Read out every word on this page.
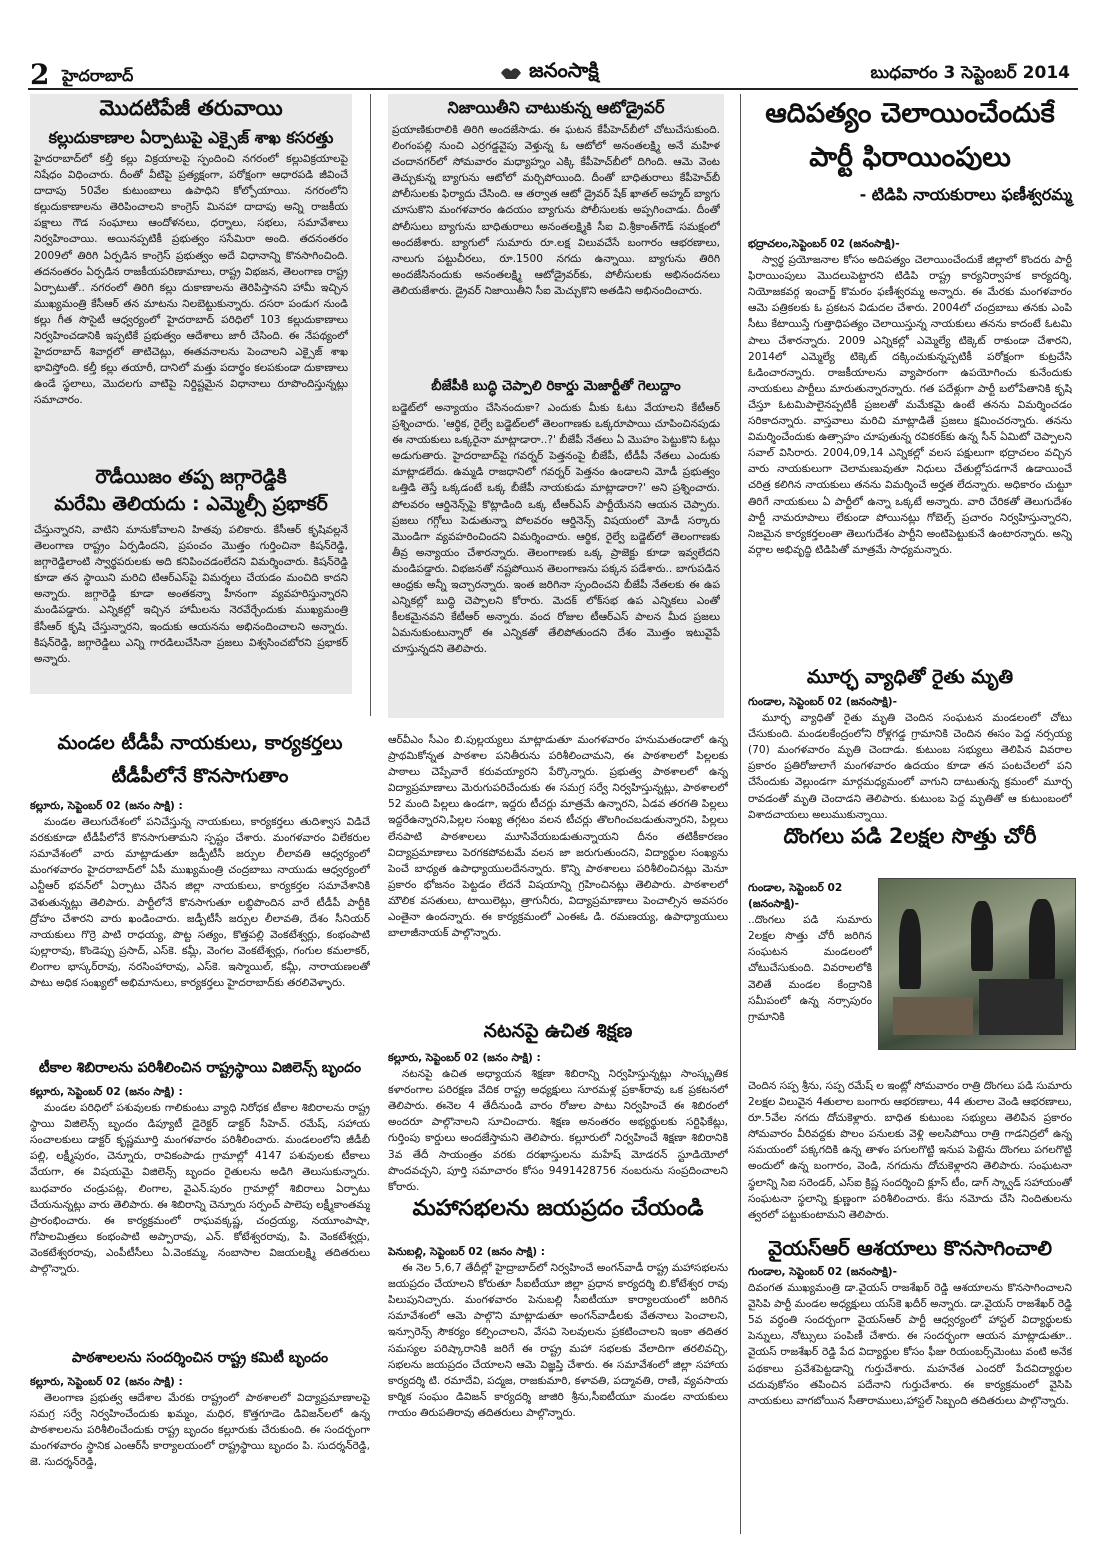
2 హైదరాబాద్	జనంసాక్షి	బుధవారం 3 సెప్టెంబర్ 2014

మొదటిపేజీ తరువాయి

కల్లుదుకాణాల ఏర్పాటుపై ఎక్సైజ్‌ శాఖ కసరత్తు

హైదరాబాద్‌లో కల్తీ కల్లు విక్రయాలపై స్పందించి నగరంలో కల్లువిక్రయాలపై నిషేధం విధించారు. దీంతో వీటిపై ప్రత్యక్షంగా, పరోక్షంగా ఆధారపడి జీవించే దాదాపు 50వేల కుటుంబాలు ఉపాధిని కోల్పోయాయి. నగరంలోని కల్లుదుకాణాలను తెరిపించాలని కాంగ్రెస్‌ మినహా దాదాపు అన్ని రాజకీయ పక్షాలు గౌడ సంఘాలు ఆందోళనలు, ధర్నాలు, సభలు, సమావేశాలు నిర్వహించాయి. అయినప్పటికీ ప్రభుత్వం ససేమిరా అంది. తదనంతరం 2009లో తిరిగి ఏర్పడిన కాంగ్రెస్‌ ప్రభుత్వం అదే విధానాన్ని కొనసాగించింది. తదనంతరం ఏర్పడిన రాజకీయపరిణామాలు, రాష్ట్ర విభజన, తెలంగాణ రాష్ట్ర ఏర్పాటుతో.. నగరంలో తిరిగి కల్లు దుకాణాలను తెరిపిస్తానని హామీ ఇచ్చిన ముఖ్యమంత్రి కేసీఆర్‌ తన మాటను నిలబెట్టుకున్నారు. దసరా పండుగ నుండి కల్లు గీత సొసైటీ ఆధ్వర్యంలో హైదరాబాద్‌ పరిధిలో 103 కల్లుదుకాణాలు నిర్వహించడానికి ఇప్పటికే ప్రభుత్వం ఆదేశాలు జారీ చేసింది. ఈ నేపథ్యంలో హైదరాబాద్‌ శివార్లలో తాటిచెట్లు, ఈతవనాలను పెంచాలని ఎక్సైజ్‌ శాఖ భావిస్తోంది. కల్తీ కల్లు తయారీ, దానిలో మత్తు పదార్థం కలపకుండా దుకాణాలు ఉండే స్థలాలు, మొదలగు వాటిపై నిర్దిష్టమైన విధానాలు రూపొందిస్తున్నట్లు సమాచారం.

రౌడీయిజం తప్ప జగ్గారెడ్డికి

మరేమి తెలియదు : ఎమ్మెల్సీ ప్రభాకర్‌

చేస్తున్నారని, వాటిని మానుకోవాలని హితవు పలికారు. కేసీఆర్‌ కృషివల్లనే తెలంగాణ రాష్ట్రం ఏర్పడిందని, ప్రపంచం మొత్తం గుర్తించినా కిషన్‌రెడ్డి, జగ్గారెడ్డిలాంటి స్వార్థపరులకు అది కనిపించడంలేదని విమర్శించారు. కిషన్‌రెడ్డి కూడా తన స్థాయిని మరిచి టిఆర్‌ఎస్‌పై విమర్శలు చేయడం మంచిది కాదని అన్నారు. జగ్గారెడ్డి కూడా అంతకన్నా హీనంగా వ్యవహరిస్తున్నారని మండిపడ్డారు. ఎన్నికల్లో ఇచ్చిన హామీలను నెరవేర్చేందుకు ముఖ్యమంత్రి కేసీఆర్‌ కృషి చేస్తున్నారని, ఇందుకు ఆయనను అభినందించాలని అన్నారు. కిషన్‌రెడ్డి, జగ్గారెడ్డిలు ఎన్ని గారడిలుచేసినా ప్రజలు విశ్వసించబోరని ప్రభాకర్‌ అన్నారు.

నిజాయితీని చాటుకున్న ఆటోడ్రైవర్‌

ప్రయాణికురాలికి తిరిగి అందజేసాడు. ఈ ఘటన కేపీహెచ్‌బీలో చోటుచేసుకుంది. లింగంపల్లి నుంచి ఎర్రగడ్డవైపు వెళ్తున్న ఓ ఆటోలో అనంతలక్ష్మి అనే మహిళ చందానగర్‌లో సోమవారం మధ్యాహ్నం ఎక్కి కేపీహెచ్‌బీలో దిగింది. ఆమె వెంట తెచ్చుకున్న బ్యాగును ఆటోలో మర్చిపోయింది. దీంతో బాధితురాలు కేపీహెచ్‌బీ పోలీసులకు ఫిర్యాదు చేసింది. ఆ తర్వాత ఆటో డ్రైవర్‌ షేక్‌ ఖాతల్‌ అహ్మద్‌ బ్యాగు చూసుకొని మంగళవారం ఉదయం బ్యాగును పోలీసులకు అప్పగించాడు. దీంతో పోలీసులు బ్యాగును బాధితురాలు అనంతలక్ష్మికి సీఐ వి.శ్రీకాంత్‌గౌడ్‌ సమక్షంలో అందజేశారు. బ్యాగులో సుమారు రూ.లక్ష విలువచేసే బంగారం ఆభరణాలు, నాలుగు పట్టుచీరలు, రూ.1500 నగదు ఉన్నాయి. బ్యాగును తిరిగి అందజేసినందుకు అనంతలక్ష్మి ఆటోడ్రైవర్‌కు, పోలీసులకు అభినందనలు తెలియజేశారు. డ్రైవర్‌ నిజాయితీని సీఐ మెచ్చుకొని అతడిని అభినందించారు.

బీజేపీకి బుద్ధి చెప్పాలి రికార్డు మెజార్టీతో గెలుద్దాం

బడ్జెట్‌లో అన్యాయం చేసినందుకా? ఎందుకు మీకు ఓటు వేయాలని కేటీఆర్‌ ప్రశ్నించారు. 'ఆర్థిక, రైల్వే బడ్జెట్‌లలో తెలంగాణకు ఒక్కరూపాయి చూపించినపుడు ఈ నాయకులు ఒక్కరైనా మాట్లాడారా..?' బీజేపీ నేతలు ఏ మొహం పెట్టుకొని ఓట్లు అడుగుతారు. హైదరాబాద్‌పై గవర్నర్‌ పెత్తనంపై బీజేపీ, టీడీపీ నేతలు ఎందుకు మాట్లాడలేదు. ఉమ్మడి రాజధానిలో గవర్నర్‌ పెత్తనం ఉండాలని మోడీ ప్రభుత్వం ఒత్తిడి తెస్తే ఒక్కడంటే ఒక్క బీజేపీ నాయకుడు మాట్లాడారా?' అని ప్రశ్నించారు. పోలవరం ఆర్డినెన్స్‌పై కొట్లాడింది ఒక్క టీఆర్‌ఎస్‌ పార్టీయేనని ఆయన చెప్పారు. ప్రజలు గగ్గోలు పెడుతున్నా పోలవరం ఆర్డినెన్స్‌ విషయంలో మోడీ సర్కారు మొండిగా వ్యవహరించిందని విమర్శించారు. ఆర్థిక, రైల్వే బడ్జెట్‌లో తెలంగాణకు తీవ్ర అన్యాయం చేశారన్నారు. తెలంగాణకు ఒక్క ప్రాజెక్టు కూడా ఇవ్వలేదని మండిపడ్డారు. విభజనతో నష్టపోయిన తెలంగాణను పక్కన పడేశారు.. బాగుపడిన ఆంధ్రకు అన్నీ ఇచ్చారన్నారు. ఇంత జరిగినా స్పందించని బీజేపీ నేతలకు ఈ ఉప ఎన్నికల్లో బుద్ధి చెప్పాలని కోరారు. మెదక్‌ లోక్‌సభ ఉప ఎన్నికలు ఎంతో కీలకమైనవని కేటీఆర్‌ అన్నారు. వంద రోజుల టీఆర్‌ఎస్‌ పాలన మీద ప్రజలు ఏమనుకుంటున్నారో ఈ ఎన్నికతో తేలిపోతుందని దేశం మొత్తం ఇటువైపే చూస్తున్నదని తెలిపారు.

ఆదిపత్యం చెలాయించేందుకే

పార్టీ ఫిరాయింపులు

- టిడిపి నాయకురాలు ఫణీశ్వరమ్మ

భద్రాచలం,సెప్టెంబర్‌ 02 (జనంసాక్షి)-

స్వార్థ ప్రయోజనాల కోసం అదిపత్యం చెలాయించేందుకే జిల్లాలో కొందరు పార్టీ ఫిరాయింపులు మొదలుపెట్టారని టిడిపి రాష్ట్ర కార్యనిర్వాహక కార్యదర్శి, నియోజకవర్గ ఇంచార్జ్‌ కొమరం ఫణీశ్వరమ్మ అన్నారు. ఈ మేరకు మంగళవారం ఆమె పత్రికలకు ఓ ప్రకటన విడుదల చేశారు. 2004లో చంద్రబాబు తనకు ఎంపి సీటు కేటాయిస్తే గుత్తాధిపత్యం చెలాయిస్తున్న నాయకులు తనను కాదంటే ఓటమి పాలు చేశారన్నారు. 2009 ఎన్నికల్లో ఎమ్మెల్యే టిక్కెట్‌ రాకుండా చేశారని, 2014లో ఎమ్మెల్యే టిక్కెట్‌ దక్కించుకున్నప్పటికీ పరోక్షంగా కుట్రచేసి ఓడించారన్నారు. రాజకీయాలను వ్యాపారంగా ఉపయోగించు కునేందుకు నాయకులు పార్టీలు మారుతున్నారన్నారు. గత పదేళ్లుగా పార్టీ బలోపేతానికి కృషి చేస్తూ ఓటమిపాలైనప్పటికీ ప్రజలతో మమేకమై ఉంటే తనను విమర్శించడం సరికాదన్నారు. వాస్తవాలు మరిచి మాట్లాడితే ప్రజలు క్షమించరన్నారు. తనను విమర్శించేందుకు ఉత్సాహం చూపుతున్న రవికరక్‌కు ఉన్న సీన్‌ ఏమిటో చెప్పాలని సవాల్‌ విసిరారు. 2004,09,14 ఎన్నికల్లో వలస పక్షులుగా భద్రాచలం వచ్చిన వారు నాయకులుగా చెలామణువుతూ నిధులు చేతుల్లోపడగానే ఉడాయించే చరిత్ర కలిగిన నాయకులు తనను విమర్శించే అర్హత లేదన్నారు. అధికారం చుట్టూ తిరిగే నాయకులు ఏ పార్టీలో ఉన్నా ఒక్కటే అన్నారు. వారి చేరికతో తెలుగుదేశం పార్టీ నామరూపాలు లేకుండా పోయినట్లు గోబెల్స్‌ ప్రచారం నిర్వహిస్తున్నారని, నిజమైన కార్యకర్తలంతా తెలుగుదేశం పార్టీని అంటిపెట్టుకునే ఉంటారన్నారు. అన్ని వర్గాల అభివృద్ధి టిడిపితో మాత్రమే సాధ్యమన్నారు.

మూర్ఛ వ్యాధితో రైతు మృతి

గుండాల, సెప్టెంబర్‌ 02 (జనంసాక్షి)-

మూర్ఛ వ్యాధితో రైతు మృతి చెందిన సంఘటన మండలంలో చోటు చేసుకుంది. మండలకేంద్రంలోని రోళ్లగడ్డ గ్రామానికి చెందిన ఈసం పెద్ద నర్సయ్య (70) మంగళవారం మృతి చెందాడు. కుటుంబ సభ్యులు తెలిపిన వివరాల ప్రకారం ప్రతిరోజులాగే మంగళవారం ఉదయం కూడా తన పంటచేలలో పని చేసేందుకు వెల్లుండగా మార్గమధ్యమంలో వాగుని దాటుతున్న క్రమంలో మూర్ఛ రావడంతో మృతి చెందాడని తెలిపారు. కుటుంబ పెద్ద మృతితో ఆ కుటుంబంలో విశాదచాయలు అలుముకున్నాయి.

దొంగలు పడి 2లక్షల సొత్తు చోరీ

గుండాల, సెప్టెంబర్‌ 02

(జనంసాక్షి)-

..దొంగలు పడి సుమారు 2లక్షల సొత్తు చోరీ జరిగిన సంఘటన మండలంలో చోటుచేసుకుంది. వివరాలలోకి వెలితే మండల కేంద్రానికి సమీపంలో ఉన్న నర్సాపురం గ్రామానికి

చెందిన సప్ప శ్రీను, సప్ప రమేష్‌ ల ఇంట్లో సోమవారం రాత్రి దొంగలు పడి సుమారు 2లక్షల విలువైన 4తులాల బంగారు ఆభరణాలు, 44 తులాల వెండి ఆభరణాలు, రూ.5వేల నగదు దోచుకెళ్లారు. బాధిత కుటుంబ సభ్యులు తెలిపిన ప్రకారం సోమవారం వీరివద్దకు పొలం పనులకు వెళ్లి అలసిపోయి రాత్రి గాడనిద్రలో ఉన్న సమయంలో పక్కగదికి ఉన్న తాళం పగులగొట్టి ఇనుప పెట్టెను దొంగలు పగలగొట్టి అందులో ఉన్న బంగారం, వెండి, నగదును దోచుకెళ్లారని తెలిపారు. సంఘటనా స్థలాన్ని సిఐ సరెండర్‌, ఎస్‌ఐ క్రిష్ణ సందర్శించి క్లూస్‌ టీం, డాగ్‌ స్క్వాడ్‌ సహాయంతో సంఘటనా స్థలాన్ని క్షుణ్ణంగా పరిశీలించారు. కేసు నమోదు చేసి నిందితులను త్వరలో పట్టుకుంటామని తెలిపారు.

వైయస్‌ఆర్‌ ఆశయాలు కొనసాగించాలి

గుండాల, సెప్టెంబర్‌ 02 (జనంసాక్షి)-

దివంగత ముఖ్యమంత్రి డా.వైయస్‌ రాజశేఖర్‌ రెడ్డి ఆశయాలను కొనసాగించాలని వైసిపి పార్టీ మండల అధ్యక్షులు యస్‌కె ఖదీర్‌ అన్నారు. డా.వైయస్‌ రాజశేఖర్‌ రెడ్డి 5వ వర్ధంతి సందర్బంగా వైయస్‌ఆర్‌ పార్టీ ఆధ్వర్యంలో హాస్టల్‌ విద్యార్థులకు పెన్నులు, నోట్సులు పంపిణీ చేశారు. ఈ సందర్భంగా ఆయన మాట్లాడుతూ.. వైయస్‌ రాజశేఖర్‌ రెడ్డి పేద విద్యార్థుల కోసం ఫీజు రియంబర్స్‌మెంటు వంటి అనేక పథకాలు ప్రవేశపెట్టడాన్ని గుర్తుచేశారు. మహనేత ఎందరో పేదవిద్యార్థుల చదువుకోసం తపించిన పదేనాని గుర్తుచేశారు. ఈ కార్యక్రమంలో వైసిపి నాయకులు వాగబోయిన సీతారాములు,హాస్టల్‌ సిబ్బంది తదితరులు పాల్గొన్నారు.

మండల టీడీపీ నాయకులు, కార్యకర్తలు

టీడీపీలోనే కొనసాగుతాం

కల్లూరు, సెప్టెంబర్‌ 02 (జనం సాక్షి) :

మండల తెలుగుదేశంలో పనిచేస్తున్న నాయకులు, కార్యకర్తలు తుదిశ్వాస విడిచే వరకుకూడా టీడీపీలోనే కొనసాగుతామని స్పష్టం చేశారు. మంగళవారం విలేకరుల సమావేశంలో వారు మాట్లాడుతూ జడ్పీటీసీ జర్పుల లీలావతి ఆధ్వర్యంలో మంగళవారం హైదరాబాద్‌లో ఏపీ ముఖ్యమంత్రి చంద్రబాబు నాయుడు ఆధ్వర్యంలో ఎన్టీఆర్‌ భవన్‌లో ఏర్పాటు చేసిన జిల్లా నాయకులు, కార్యకర్తల సమావేశానికి వెళుతున్నట్లు తెలిపారు. పార్టీలోనే కొనసాగుతూ లబ్ధిపొందిన వారే టీడీపీ పార్టీకి ద్రోహం చేశారని వారు ఖండించారు. జడ్పీటీసీ జర్పుల లీలావతి, దేశం సీనియర్‌ నాయకులు గొర్రె పాటి రాధయ్య, పొట్ట సత్యం, కొత్తపల్లి వెంకటేశ్వర్లు, కంభంపాటి పుల్లారావు, కొండెప్పు ప్రసాద్‌, ఎస్‌కె. కమ్లీ, వెంగల వెంకటేశ్వర్లు, గంగుల కమలాకర్‌, లింగాల భాస్కర్‌రావు, నరసింహారావు, ఎస్‌కె. ఇస్మాయిల్‌, కమ్లీ, నారాయణలతో పాటు అధిక సంఖ్యలో అభిమానులు, కార్యకర్తలు హైదరాబాద్‌కు తరలివెళ్ళారు.

టీకాల శిబిరాలను పరిశీలించిన రాష్ట్రస్థాయి విజిలెన్స్‌ బృందం

కల్లూరు, సెప్టెంబర్‌ 02 (జనం సాక్షి) :

మండల పరిధిలో పశువులకు గాలికుంటు వ్యాధి నిరోధక టీకాల శిబిరాలను రాష్ట్ర స్థాయి విజిలెన్స్‌ బృందం డిప్యూటీ డైరెక్టర్‌ డాక్టర్‌ సీహెచ్‌. రమేష్‌, సహాయ సంచాలకులు డాక్టర్‌ కృష్ణమూర్తి మంగళవారం పరిశీలించారు. మండలంలోని జీడీబీ పల్లి, లక్ష్మీపురం, చెన్నూరు, రావికంపాడు గ్రామాల్లో 4147 పశువులకు టీకాలు వేయగా, ఈ విషయమై విజిలెన్స్‌ బృందం రైతులను అడిగి తెలుసుకున్నారు. బుధవారం చండ్రుపట్ల, లింగాల, వైఎన్‌.పురం గ్రామాల్లో శిబిరాలు ఏర్పాటు చేయనున్నట్లు వారు తెలిపారు. ఈ శిబిరాన్ని చెన్నూరు సర్పంచ్‌ పాలెపు లక్ష్మీకాంతమ్మ ప్రారంభించారు. ఈ కార్యక్రమంలో రాఘవక్కష్ణ, చంద్రయ్య, నయూంపాషా, గోపాలమిత్రలు కంభంపాటి అప్పారావు, ఎన్‌. కోటేశ్వరరావు, పి. వెంకటేశ్వర్లు, వెంకటేశ్వరరావు, ఎంపీటీసీలు ఏ.వెంకమ్మ, నంబాసాల విజయలక్ష్మి తదితరులు పాల్గొన్నారు.

పాఠశాలలను సందర్శించిన రాష్ట్ర కమిటీ బృందం

కల్లూరు, సెప్టెంబర్‌ 02 (జనం సాక్షి) :

తెలంగాణ ప్రభుత్వ ఆదేశాల మేరకు రాష్ట్రంలో పాఠశాలలో విద్యాప్రమాణాలపై సమగ్ర సర్వే నిర్వహించేందుకు ఖమ్మం, మధిర, కొత్తగూడెం డివిజన్‌లలో ఉన్న పాఠశాలలను పరిశీలించేందుకు రాష్ట్ర బృందం కల్లూరుకు చేరుకుంది. ఈ సందర్భంగా మంగళవారం స్థానిక ఎంఆర్‌సీ కార్యాలయంలో రాష్ట్రస్థాయి బృందం పి. సుదర్శన్‌రెడ్డి, జె. సుదర్శన్‌రెడ్డి,

ఆర్‌వీఎం సీఎం బి.పుల్లయ్యలు మాట్లాడుతూ మంగళవారం హనుమతండాలో ఉన్న ప్రాథమికోన్నత పాఠశాల పనితీరును పరిశీలించామని, ఈ పాఠశాలలో పిల్లలకు పాఠాలు చెప్పేవారే కరువయ్యారని పేర్కొన్నారు. ప్రభుత్వ పాఠశాలలో ఉన్న విద్యాప్రమాణాలు మెరుగుపరిచేందుకు ఈ సమగ్ర సర్వే నిర్వహిస్తున్నట్లు, పాఠశాలలో 52 మంది పిల్లలు ఉండగా, ఇద్దరు టీచర్లు మాత్రమే ఉన్నారని, ఏడవ తరగతి పిల్లలు ఇద్దరేఉన్నారని,పిల్లల సంఖ్య తగ్గటం వలన టీచర్లు తొలగించబడుతున్నారని, పిల్లలు లేనపాటి పాఠశాలలు మూసివేయబడుతున్నాయని దీనం తటికీకారణం విద్యాప్రమాణాలు పెరగకపోవటమే వలన జా జరుగుతుందని, విద్యార్థుల సంఖ్యను పెంచే బాధ్యత ఉపాధ్యాయులదేనన్నారు. కొన్ని పాఠశాలలు పరిశీలించినట్లు మెనూ ప్రకారం భోజనం పెట్టడం లేదనే విషయాన్ని గ్రహించినట్లు తెలిపారు. పాఠశాలలో మౌలిక వసతులు, టాయిలెట్లు, త్రాగునీరు, విద్యాప్రమాణాలు పెంచాల్సిన అవసరం ఎంతైనా ఉందన్నారు. ఈ కార్యక్రమంలో ఎంఈఓ డి. రమణయ్య, ఉపాధ్యాయులు బాలాజీనాయక్‌ పాల్గొన్నారు.

నటనపై ఉచిత శిక్షణ

కల్లూరు, సెప్టెంబర్‌ 02 (జనం సాక్షి) :

నటనపై ఉచిత అధ్యాయన శిక్షణా శిబిరాన్ని నిర్వహిస్తున్నట్లు సాంస్కృతిక కళారంగాల పరిరక్షణ వేదిక రాష్ట్ర అధ్యక్షులు సూరమళ్ల ప్రకాశ్‌రావు ఒక ప్రకటనలో తెలిపారు. ఈనెల 4 తేదీనుండి వారం రోజుల పాటు నిర్వహించే ఈ శిబిరంలో అందరూ పాల్గొనాలని సూచించారు. శిక్షణ అనంతరం అభ్యర్థులకు సర్టిఫికేట్లు, గుర్తింపు కార్డులు అందజేస్తామని తెలిపారు. కల్లూరులో నిర్వహించే శిక్షణా శిబిరానికి 3వ తేదీ సాయంత్రం వరకు దరఖాస్తులను మహేష్‌ మోడరన్‌ స్టూడియోలో పొందవచ్చని, పూర్తి సమాచారం కోసం 9491428756 నంబరును సంప్రదించాలని కోరారు.

మహాసభలను జయప్రదం చేయండి

పెనుబల్లి, సెప్టెంబర్‌ 02 (జనం సాక్షి) :

ఈ నెల 5,6,7 తేదీల్లో హైద్రాబాద్‌లో నిర్వహించే అంగన్‌వాడీ రాష్ట్ర మహాసభలను జయప్రదం చేయాలని కోరుతూ సీఐటీయూ జిల్లా ప్రధాన కార్యదర్శి బి.కోటేశ్వర రావు పిలుపునిచ్చారు. మంగళవారం పెనుబల్లి సీఐటీయూ కార్యాలయంలో జరిగిన సమావేశంలో ఆమె పాల్గొని మాట్లాడుతూ అంగన్‌వాడీలకు వేతనాలు పెంచాలని, ఇన్సూరెన్స్‌ సౌకర్యం కల్పించాలని, వేసవి సెలవులను ప్రకటించాలని ఇంకా తదితర సమస్యల పరిష్కారానికి జరిగే ఈ రాష్ట్ర మహా సభలకు వేలాదిగా తరలివచ్చి, సభలను జయప్రదం చేయాలని ఆమె విజ్ఞప్తి చేశారు. ఈ సమావేశంలో జిల్లా సహాయ కార్యదర్శి టి. రమాదేవి, పద్మజ, రాజకుమారి, కళావతి, పద్మావతి, రాణి, వ్యవసాయ కార్మిక సంఘం డివిజన్‌ కార్యదర్శి జాజిరి శ్రీను,సీఐటీయూ మండల నాయకులు గాయం తిరుపతిరావు తదితరులు పాల్గొన్నారు.
